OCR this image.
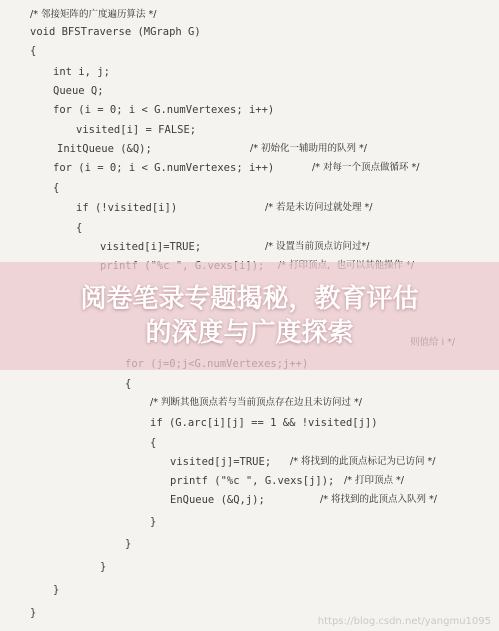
/* 邻接矩阵的广度遍历算法 */
void BFSTraverse (MGraph G)
{
int i, j;
Queue Q;
for (i = 0; i < G.numVertexes; i++)
visited[i] = FALSE;
InitQueue (&Q);	/* 初始化一辅助用的队列 */
for (i = 0; i < G.numVertexes; i++)	/* 对每一个顶点做循环 */
{
if (!visited[i])	/* 若是未访问过就处理 */
{
visited[i]=TRUE;	/* 设置当前顶点访问过*/
{
/* 判断其他顶点若与当前顶点存在边且未访问过 */
if (G.arc[i][j] == 1 && !visited[j])
{
visited[j]=TRUE; /* 将找到的此顶点标记为已访问 */
printf ("%c ", G.vexs[j]); /* 打印顶点 */
EnQueue (&Q,j);	/* 将找到的此顶点入队列 */
}
}
}
}
}
阅卷笔录专题揭秘，教育评估
的深度与广度探索
https://blog.csdn.net/yangmu1095
